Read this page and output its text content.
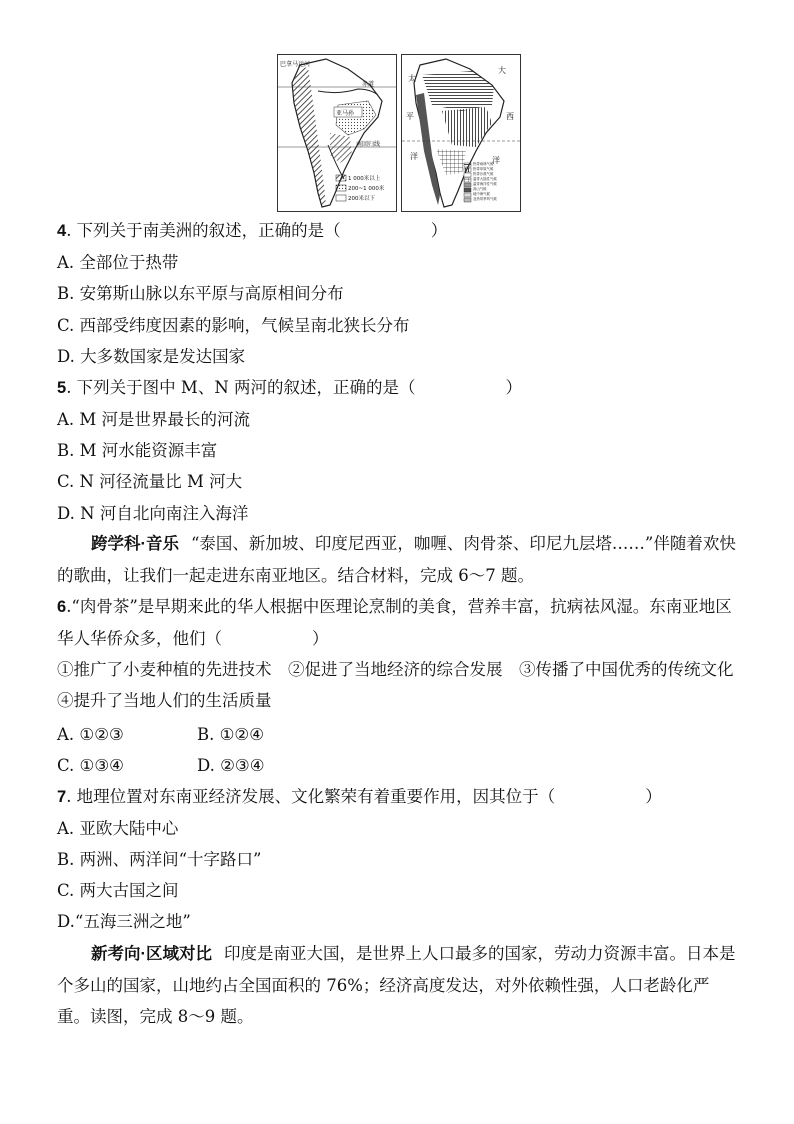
巴拿马运河
赤道
亚马孙
南回归线
1 000米以上
200~1 000米
200米以下
太
平
洋
大
西
洋
热带雨林气候
热带草原气候
热带沙漠气候
温带大陆性气候
温带海洋性气候
高山气候
地中海气候
亚热带季风气候
4. 下列关于南美洲的叙述，正确的是（	）
A. 全部位于热带
B. 安第斯山脉以东平原与高原相间分布
C. 西部受纬度因素的影响，气候呈南北狭长分布
D. 大多数国家是发达国家
5. 下列关于图中 M、N 两河的叙述，正确的是（	）
A. M 河是世界最长的河流
B. M 河水能资源丰富
C. N 河径流量比 M 河大
D. N 河自北向南注入海洋
跨学科·音乐 “泰国、新加坡、印度尼西亚，咖喱、肉骨茶、印尼九层塔……”伴随着欢快的歌曲，让我们一起走进东南亚地区。结合材料，完成 6～7 题。
6.“肉骨茶”是早期来此的华人根据中医理论烹制的美食，营养丰富，抗病祛风湿。东南亚地区华人华侨众多，他们（	）
①推广了小麦种植的先进技术　②促进了当地经济的综合发展　③传播了中国优秀的传统文化　④提升了当地人们的生活质量
A. ①②③	B. ①②④
C. ①③④	D. ②③④
7. 地理位置对东南亚经济发展、文化繁荣有着重要作用，因其位于（	）
A. 亚欧大陆中心
B. 两洲、两洋间“十字路口”
C. 两大古国之间
D.“五海三洲之地”
新考向·区域对比 印度是南亚大国，是世界上人口最多的国家，劳动力资源丰富。日本是个多山的国家，山地约占全国面积的 76%；经济高度发达，对外依赖性强，人口老龄化严重。读图，完成 8～9 题。
